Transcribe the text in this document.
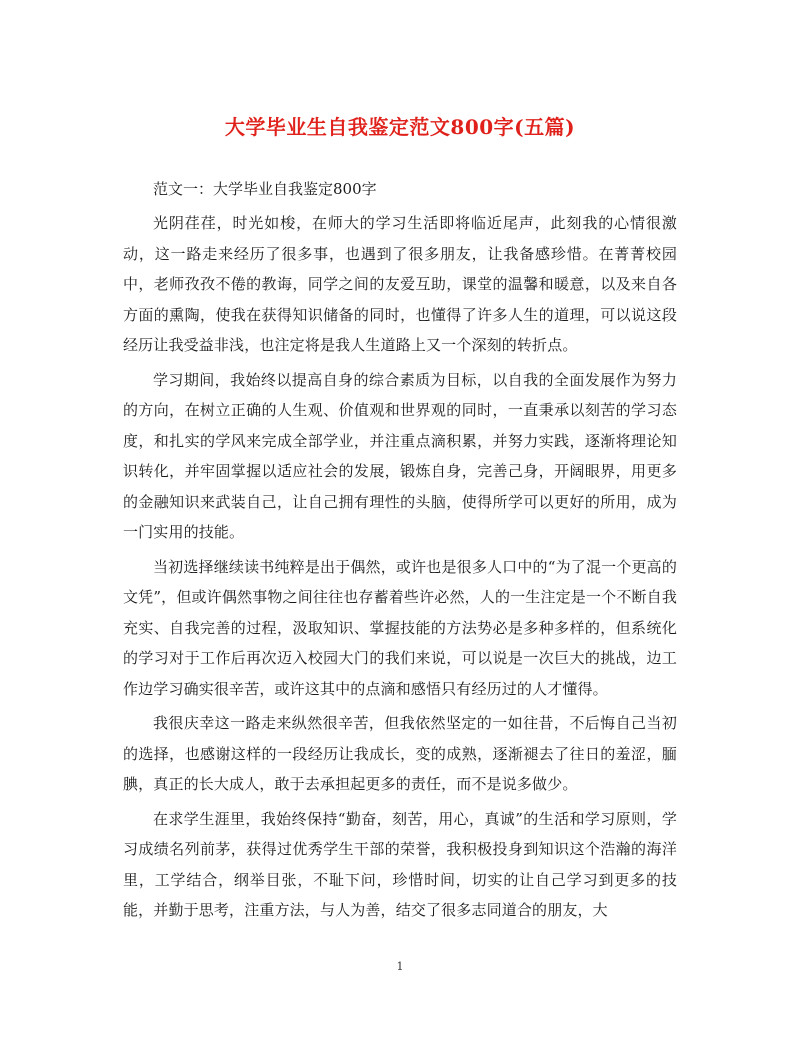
大学毕业生自我鉴定范文800字(五篇)

范文一：大学毕业自我鉴定800字

光阴荏荏，时光如梭，在师大的学习生活即将临近尾声，此刻我的心情很激动，这一路走来经历了很多事，也遇到了很多朋友，让我备感珍惜。在菁菁校园中，老师孜孜不倦的教诲，同学之间的友爱互助，课堂的温馨和暖意，以及来自各方面的熏陶，使我在获得知识储备的同时，也懂得了许多人生的道理，可以说这段经历让我受益非浅，也注定将是我人生道路上又一个深刻的转折点。

学习期间，我始终以提高自身的综合素质为目标，以自我的全面发展作为努力的方向，在树立正确的人生观、价值观和世界观的同时，一直秉承以刻苦的学习态度，和扎实的学风来完成全部学业，并注重点滴积累，并努力实践，逐渐将理论知识转化，并牢固掌握以适应社会的发展，锻炼自身，完善己身，开阔眼界，用更多的金融知识来武装自己，让自己拥有理性的头脑，使得所学可以更好的所用，成为一门实用的技能。

当初选择继续读书纯粹是出于偶然，或许也是很多人口中的“为了混一个更高的文凭”，但或许偶然事物之间往往也存蓄着些许必然，人的一生注定是一个不断自我充实、自我完善的过程，汲取知识、掌握技能的方法势必是多种多样的，但系统化的学习对于工作后再次迈入校园大门的我们来说，可以说是一次巨大的挑战，边工作边学习确实很辛苦，或许这其中的点滴和感悟只有经历过的人才懂得。

我很庆幸这一路走来纵然很辛苦，但我依然坚定的一如往昔，不后悔自己当初的选择，也感谢这样的一段经历让我成长，变的成熟，逐渐褪去了往日的羞涩，腼腆，真正的长大成人，敢于去承担起更多的责任，而不是说多做少。

在求学生涯里，我始终保持“勤奋，刻苦，用心，真诚”的生活和学习原则，学习成绩名列前茅，获得过优秀学生干部的荣誉，我积极投身到知识这个浩瀚的海洋里，工学结合，纲举目张，不耻下问，珍惜时间，切实的让自己学习到更多的技能，并勤于思考，注重方法，与人为善，结交了很多志同道合的朋友，大

1
